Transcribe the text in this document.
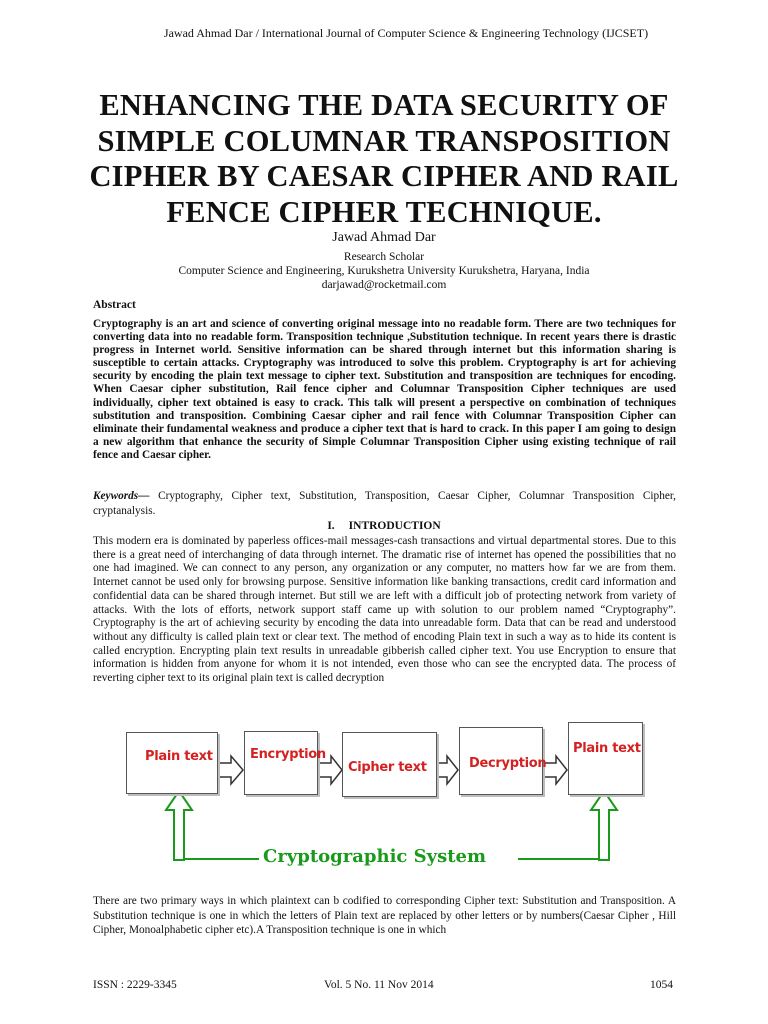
Jawad Ahmad Dar / International Journal of Computer Science & Engineering Technology (IJCSET)
ENHANCING THE DATA SECURITY OF SIMPLE COLUMNAR TRANSPOSITION CIPHER BY CAESAR CIPHER AND RAIL FENCE CIPHER TECHNIQUE.
Jawad Ahmad Dar
Research Scholar
Computer Science and Engineering, Kurukshetra University Kurukshetra, Haryana, India
darjawad@rocketmail.com
Abstract
Cryptography is an art and science of converting original message into no readable form. There are two techniques for converting data into no readable form. Transposition technique ,Substitution technique. In recent years there is drastic progress in Internet world. Sensitive information can be shared through internet but this information sharing is susceptible to certain attacks. Cryptography was introduced to solve this problem. Cryptography is art for achieving security by encoding the plain text message to cipher text. Substitution and transposition are techniques for encoding. When Caesar cipher substitution, Rail fence cipher and Columnar Transposition Cipher techniques are used individually, cipher text obtained is easy to crack. This talk will present a perspective on combination of techniques substitution and transposition. Combining Caesar cipher and rail fence with Columnar Transposition Cipher can eliminate their fundamental weakness and produce a cipher text that is hard to crack. In this paper I am going to design a new algorithm that enhance the security of Simple Columnar Transposition Cipher using existing technique of rail fence and Caesar cipher.
Keywords— Cryptography, Cipher text, Substitution, Transposition, Caesar Cipher, Columnar Transposition Cipher, cryptanalysis.
I. INTRODUCTION
This modern era is dominated by paperless offices-mail messages-cash transactions and virtual departmental stores. Due to this there is a great need of interchanging of data through internet. The dramatic rise of internet has opened the possibilities that no one had imagined. We can connect to any person, any organization or any computer, no matters how far we are from them. Internet cannot be used only for browsing purpose. Sensitive information like banking transactions, credit card information and confidential data can be shared through internet. But still we are left with a difficult job of protecting network from variety of attacks. With the lots of efforts, network support staff came up with solution to our problem named “Cryptography”. Cryptography is the art of achieving security by encoding the data into unreadable form. Data that can be read and understood without any difficulty is called plain text or clear text. The method of encoding Plain text in such a way as to hide its content is called encryption. Encrypting plain text results in unreadable gibberish called cipher text. You use Encryption to ensure that information is hidden from anyone for whom it is not intended, even those who can see the encrypted data. The process of reverting cipher text to its original plain text is called decryption
Plain text	Encryption
Cipher text	Decryption
Plain text
Cryptographic System
There are two primary ways in which plaintext can b codified to corresponding Cipher text: Substitution and Transposition. A Substitution technique is one in which the letters of Plain text are replaced by other letters or by numbers(Caesar Cipher , Hill Cipher, Monoalphabetic cipher etc).A Transposition technique is one in which
ISSN : 2229-3345	Vol. 5 No. 11 Nov 2014	1054
